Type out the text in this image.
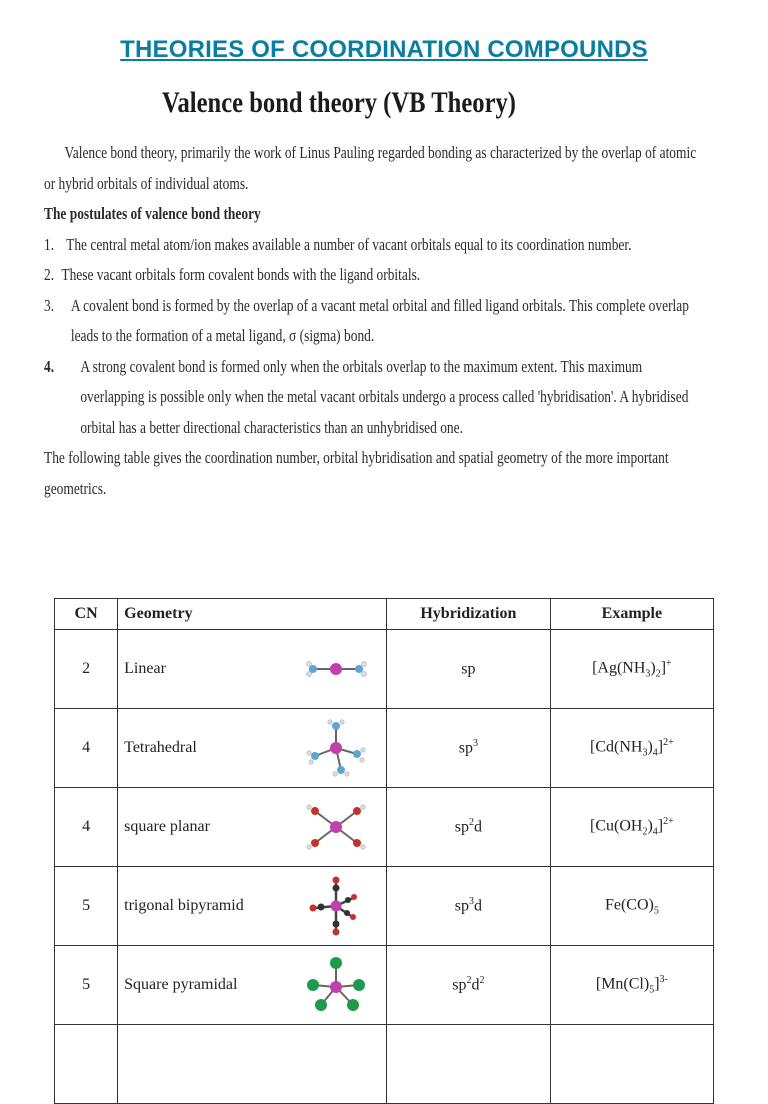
THEORIES OF COORDINATION COMPOUNDS
Valence bond theory (VB Theory)

Valence bond theory, primarily the work of Linus Pauling regarded bonding as characterized by the overlap of atomic or hybrid orbitals of individual atoms.

The postulates of valence bond theory

1. The central metal atom/ion makes available a number of vacant orbitals equal to its coordination number.
2. These vacant orbitals form covalent bonds with the ligand orbitals.
3. A covalent bond is formed by the overlap of a vacant metal orbital and filled ligand orbitals. This complete overlap leads to the formation of a metal ligand, σ (sigma) bond.
4.	A strong covalent bond is formed only when the orbitals overlap to the maximum extent. This maximum overlapping is possible only when the metal vacant orbitals undergo a process called 'hybridisation'. A hybridised orbital has a better directional characteristics than an unhybridised one.

The following table gives the coordination number, orbital hybridisation and spatial geometry of the more important geometrics.

CN	Geometry	Hybridization	Example
2	Linear	sp	$[Ag(NH_3)_2]^+$
4	Tetrahedral	$sp^3$	$[Cd(NH_3)_4]^{2+}$
4	square planar	$sp^2d$	$[Cu(OH_2)_4]^{2+}$
5	trigonal bipyramid	$sp^3d$	$Fe(CO)_5$
5	Square pyramidal	$sp^2d^2$	$[Mn(Cl)_5]^{3-}$
